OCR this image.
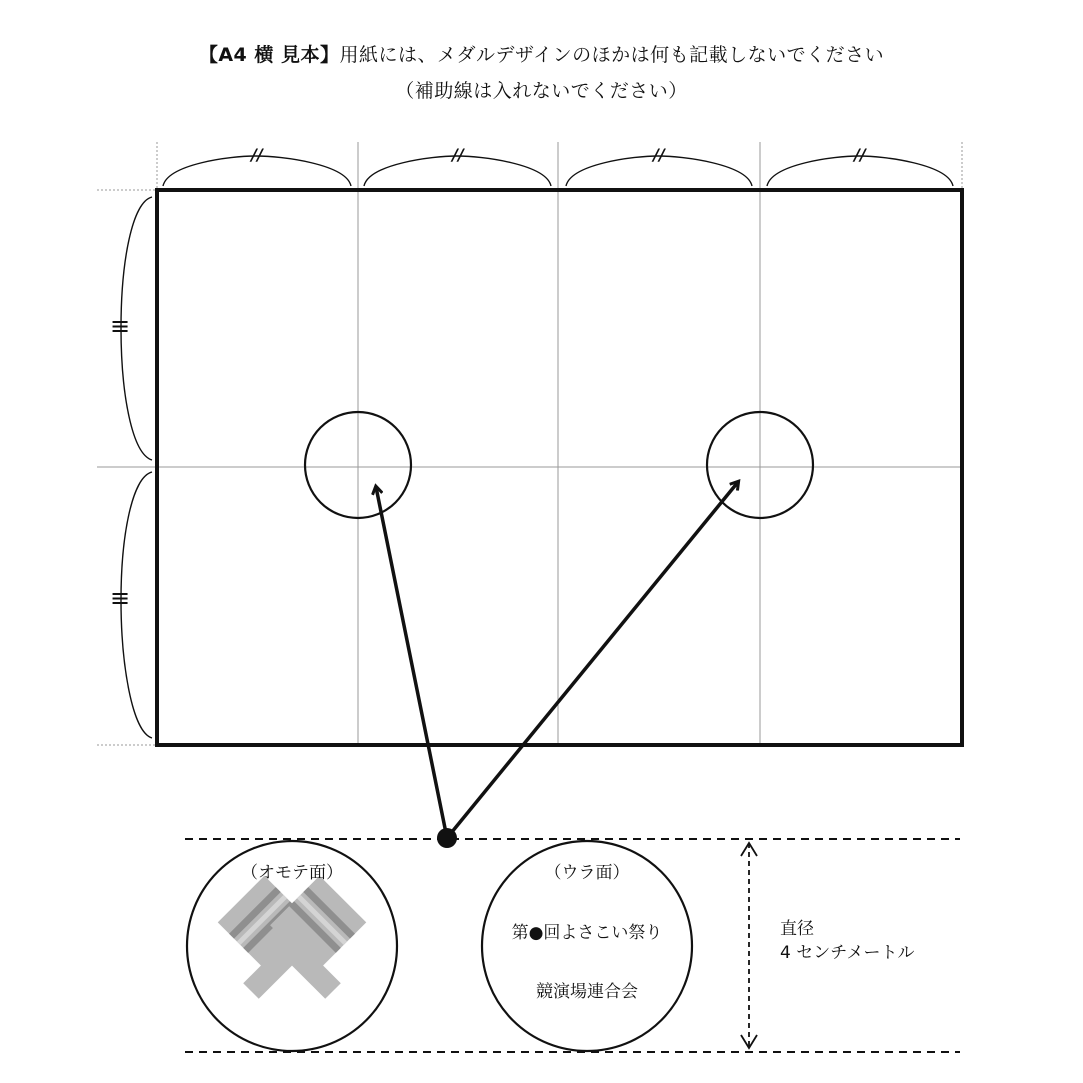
【A4 横 見本】用紙には、メダルデザインのほかは何も記載しないでください
（補助線は入れないでください）
//	//	//	//
≡
≡
（オモテ面）	（ウラ面）
第●回よさこい祭り
競演場連合会
直径
4 センチメートル
